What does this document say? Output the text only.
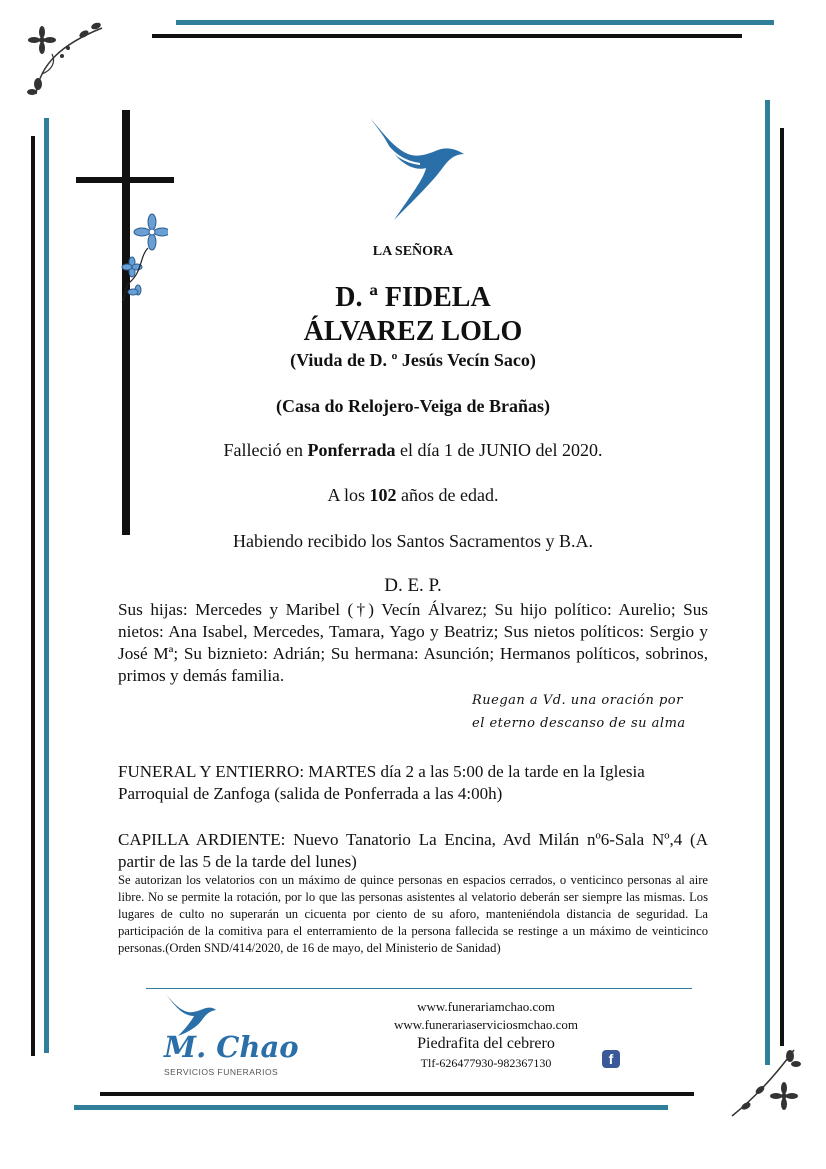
LA SEÑORA
D. ª FIDELA
ÁLVAREZ LOLO
(Viuda de D. º Jesús Vecín Saco)
(Casa do Relojero-Veiga de Brañas)
Falleció en Ponferrada el día 1 de JUNIO del 2020.
A los 102 años de edad.
Habiendo recibido los Santos Sacramentos y B.A.
D. E. P.
Sus hijas: Mercedes y Maribel (†) Vecín Álvarez; Su hijo político: Aurelio; Sus nietos: Ana Isabel, Mercedes, Tamara, Yago y Beatriz; Sus nietos políticos: Sergio y José Mª; Su biznieto: Adrián; Su hermana: Asunción; Hermanos políticos, sobrinos, primos y demás familia.
Ruegan a Vd. una oración por
el eterno descanso de su alma
FUNERAL Y ENTIERRO: MARTES día 2 a las 5:00 de la tarde en la Iglesia Parroquial de Zanfoga (salida de Ponferrada a las 4:00h)
CAPILLA ARDIENTE: Nuevo Tanatorio La Encina, Avd Milán nº6-Sala Nº,4 (A partir de las 5 de la tarde del lunes)
Se autorizan los velatorios con un máximo de quince personas en espacios cerrados, o venticinco personas al aire libre. No se permite la rotación, por lo que las personas asistentes al velatorio deberán ser siempre las mismas. Los lugares de culto no superarán un cicuenta por ciento de su aforo, manteniéndola distancia de seguridad. La participación de la comitiva para el enterramiento de la persona fallecida se restinge a un máximo de veinticinco personas.(Orden SND/414/2020, de 16 de mayo, del Ministerio de Sanidad)
M. Chao
SERVICIOS FUNERARIOS
www.funerariamchao.com
www.funerariaserviciosmchao.com
Piedrafita del cebrero
Tlf-626477930-982367130	f
